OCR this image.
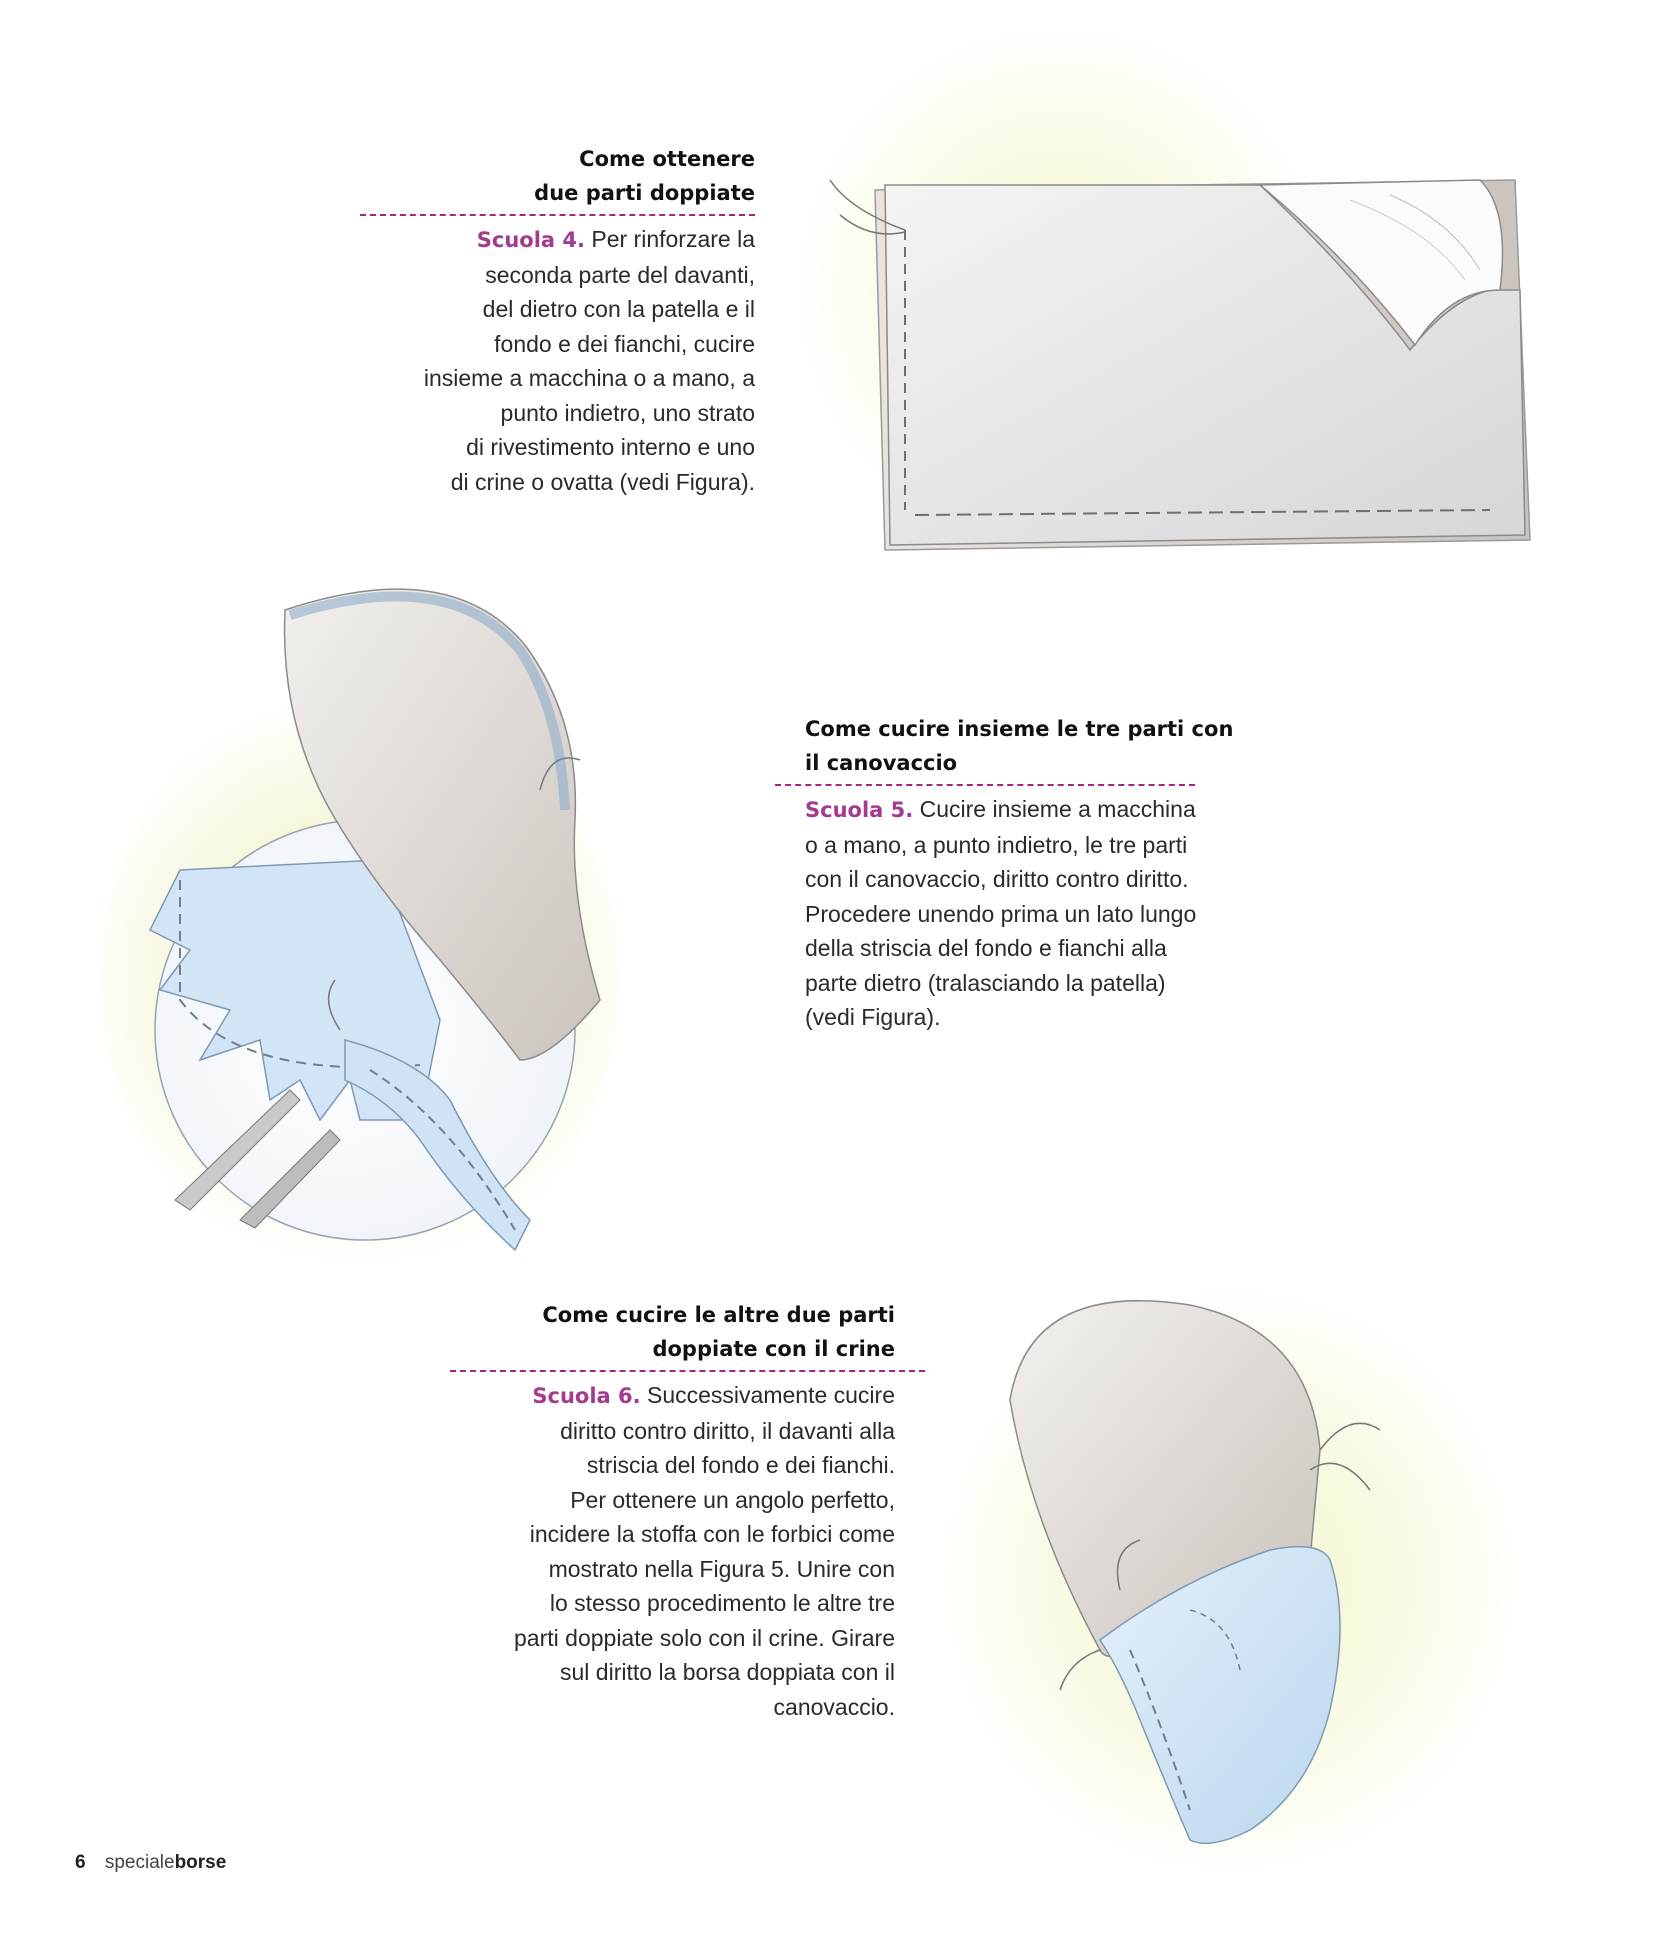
Come ottenere
due parti doppiate
Scuola 4. Per rinforzare la
seconda parte del davanti,
del dietro con la patella e il
fondo e dei fianchi, cucire
insieme a macchina o a mano, a
punto indietro, uno strato
di rivestimento interno e uno
di crine o ovatta (vedi Figura).
Come cucire insieme le tre parti con
il canovaccio
Scuola 5. Cucire insieme a macchina
o a mano, a punto indietro, le tre parti
con il canovaccio, diritto contro diritto.
Procedere unendo prima un lato lungo
della striscia del fondo e fianchi alla
parte dietro (tralasciando la patella)
(vedi Figura).
Come cucire le altre due parti
doppiate con il crine
Scuola 6. Successivamente cucire
diritto contro diritto, il davanti alla
striscia del fondo e dei fianchi.
Per ottenere un angolo perfetto,
incidere la stoffa con le forbici come
mostrato nella Figura 5. Unire con
lo stesso procedimento le altre tre
parti doppiate solo con il crine. Girare
sul diritto la borsa doppiata con il
canovaccio.
6 specialeborse
